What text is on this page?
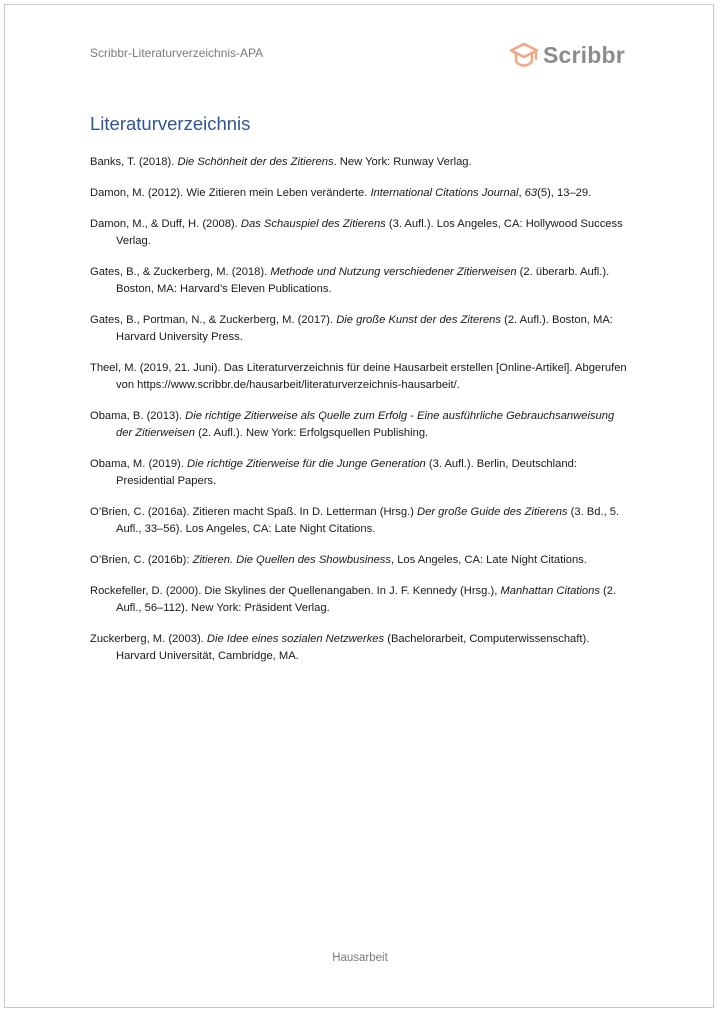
Scribbr-Literaturverzeichnis-APA	Scribbr
Literaturverzeichnis
Banks, T. (2018). Die Schönheit der des Zitierens. New York: Runway Verlag.
Damon, M. (2012). Wie Zitieren mein Leben veränderte. International Citations Journal, 63(5), 13–29.
Damon, M., & Duff, H. (2008). Das Schauspiel des Zitierens (3. Aufl.). Los Angeles, CA: Hollywood Success Verlag.
Gates, B., & Zuckerberg, M. (2018). Methode und Nutzung verschiedener Zitierweisen (2. überarb. Aufl.). Boston, MA: Harvard’s Eleven Publications.
Gates, B., Portman, N., & Zuckerberg, M. (2017). Die große Kunst der des Ziterens (2. Aufl.). Boston, MA: Harvard University Press.
Theel, M. (2019, 21. Juni). Das Literaturverzeichnis für deine Hausarbeit erstellen [Online-Artikel]. Abgerufen von https://www.scribbr.de/hausarbeit/literaturverzeichnis-hausarbeit/.
Obama, B. (2013). Die richtige Zitierweise als Quelle zum Erfolg - Eine ausführliche Gebrauchsanweisung der Zitierweisen (2. Aufl.). New York: Erfolgsquellen Publishing.
Obama, M. (2019). Die richtige Zitierweise für die Junge Generation (3. Aufl.). Berlin, Deutschland: Presidential Papers.
O’Brien, C. (2016a). Zitieren macht Spaß. In D. Letterman (Hrsg.) Der große Guide des Zitierens (3. Bd., 5. Aufl., 33–56). Los Angeles, CA: Late Night Citations.
O’Brien, C. (2016b): Zitieren. Die Quellen des Showbusiness, Los Angeles, CA: Late Night Citations.
Rockefeller, D. (2000). Die Skylines der Quellenangaben. In J. F. Kennedy (Hrsg.), Manhattan Citations (2. Aufl., 56–112). New York: Präsident Verlag.
Zuckerberg, M. (2003). Die Idee eines sozialen Netzwerkes (Bachelorarbeit, Computerwissenschaft). Harvard Universität, Cambridge, MA.
Hausarbeit
